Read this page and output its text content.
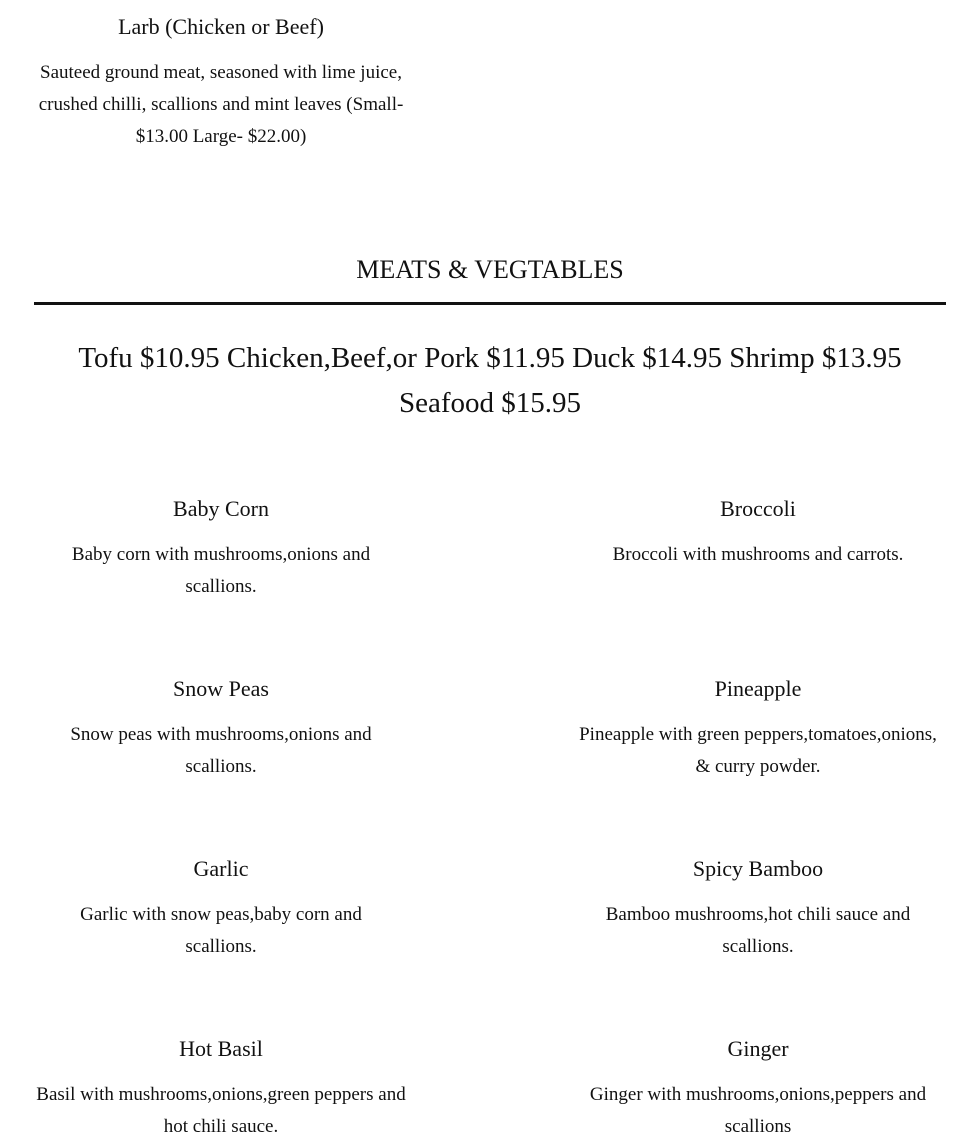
Larb (Chicken or Beef)

Sauteed ground meat, seasoned with lime juice, crushed chilli, scallions and mint leaves (Small- $13.00 Large- $22.00)

MEATS & VEGTABLES

Tofu $10.95 Chicken,Beef,or Pork $11.95 Duck $14.95 Shrimp $13.95 Seafood $15.95

Baby Corn

Baby corn with mushrooms,onions and scallions.

Broccoli

Broccoli with mushrooms and carrots.

Snow Peas

Snow peas with mushrooms,onions and scallions.

Pineapple

Pineapple with green peppers,tomatoes,onions, & curry powder.

Garlic

Garlic with snow peas,baby corn and scallions.

Spicy Bamboo

Bamboo mushrooms,hot chili sauce and scallions.

Hot Basil

Basil with mushrooms,onions,green peppers and hot chili sauce.

Ginger

Ginger with mushrooms,onions,peppers and scallions
